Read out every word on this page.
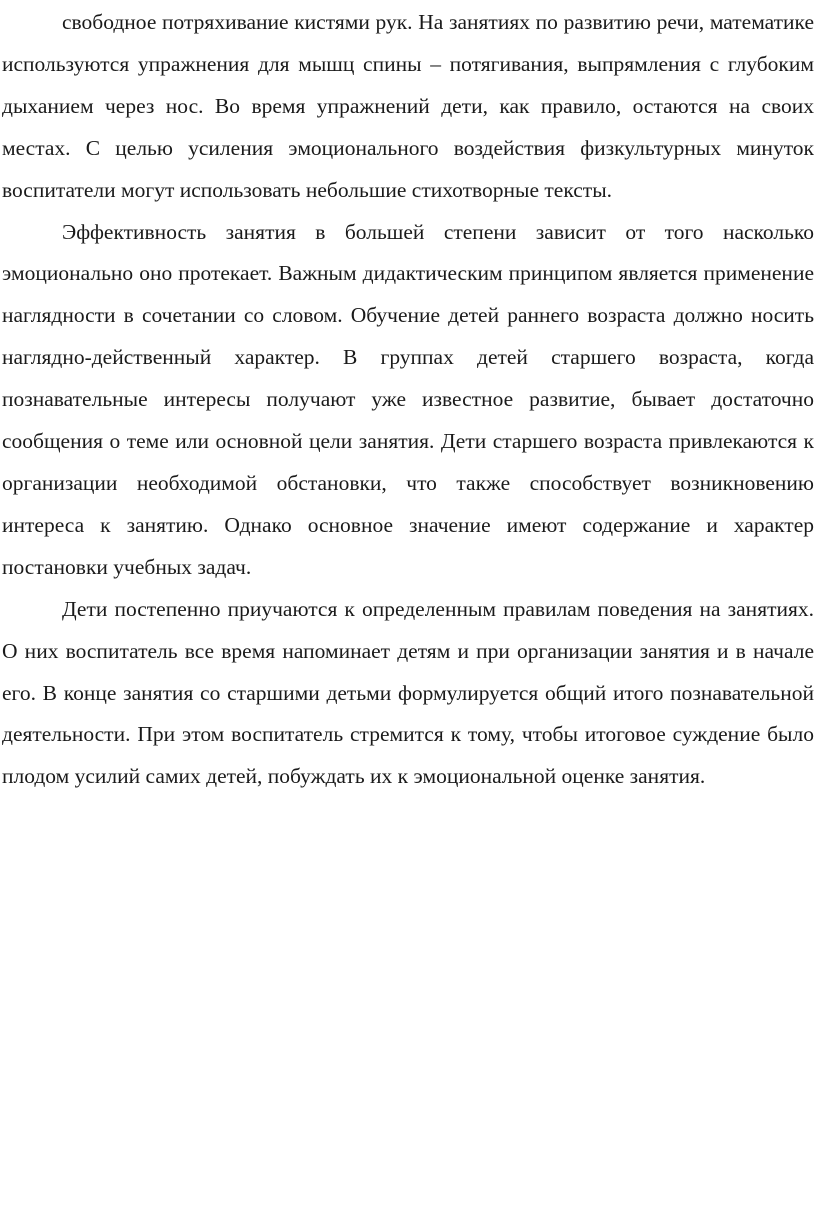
свободное потряхивание кистями рук. На занятиях по развитию речи, математике используются упражнения для мышц спины – потягивания, выпрямления с глубоким дыханием через нос. Во время упражнений дети, как правило, остаются на своих местах. С целью усиления эмоционального воздействия физкультурных минуток воспитатели могут использовать небольшие стихотворные тексты.

Эффективность занятия в большей степени зависит от того насколько эмоционально оно протекает. Важным дидактическим принципом является применение наглядности в сочетании со словом. Обучение детей раннего возраста должно носить наглядно-действенный характер. В группах детей старшего возраста, когда познавательные интересы получают уже известное развитие, бывает достаточно сообщения о теме или основной цели занятия. Дети старшего возраста привлекаются к организации необходимой обстановки, что также способствует возникновению интереса к занятию. Однако основное значение имеют содержание и характер постановки учебных задач.

Дети постепенно приучаются к определенным правилам поведения на занятиях. О них воспитатель все время напоминает детям и при организации занятия и в начале его. В конце занятия со старшими детьми формулируется общий итого познавательной деятельности. При этом воспитатель стремится к тому, чтобы итоговое суждение было плодом усилий самих детей, побуждать их к эмоциональной оценке занятия.
